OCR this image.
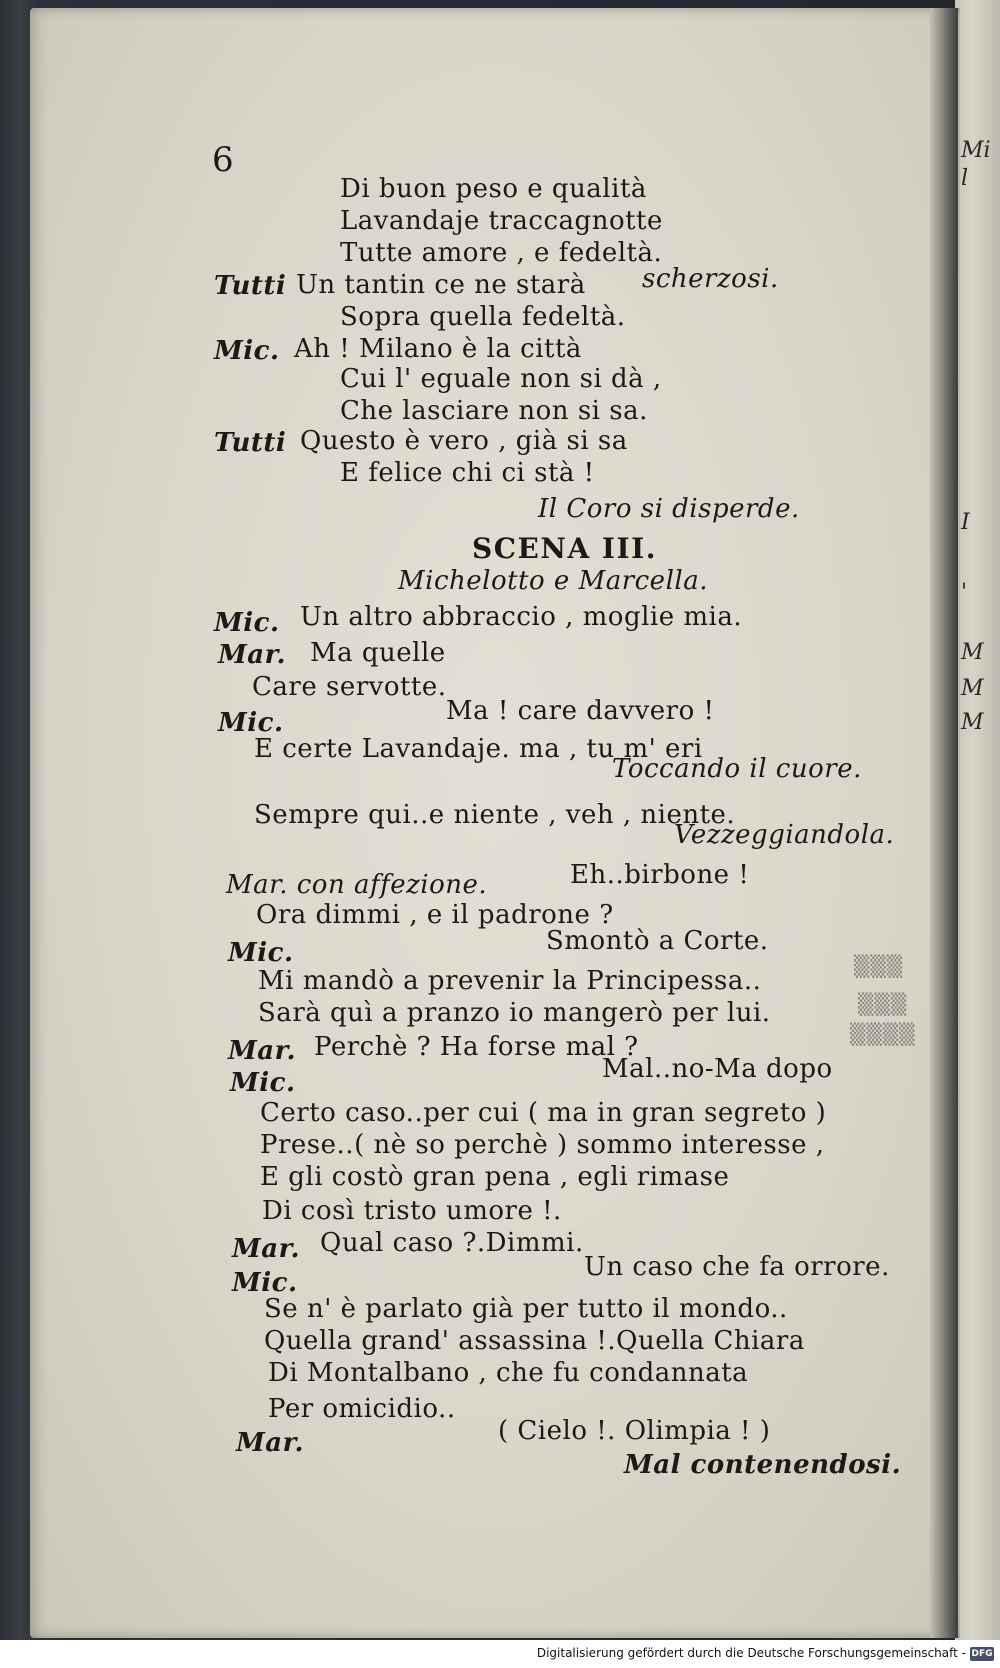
Mi
l
I
'
M
M
M
6
Di buon peso e qualità
Lavandaje traccagnotte
Tutte amore , e fedeltà.
Tutti Un tantin ce ne starà scherzosi.
Sopra quella fedeltà.
Mic. Ah ! Milano è la città
Cui l' eguale non si dà ,
Che lasciare non si sa.
Tutti Questo è vero , già si sa
E felice chi ci stà !
Il Coro si disperde.
SCENA III.
Michelotto e Marcella.
Mic. Un altro abbraccio , moglie mia.
Mar. Ma quelle
Care servotte.
Mic.	Ma ! care davvero !
E certe Lavandaje. ma , tu m' eri
Toccando il cuore.
Sempre qui..e niente , veh , niente.
Vezzeggiandola.
Mar. con affezione.	Eh..birbone !
Ora dimmi , e il padrone ?
Mic.	Smontò a Corte.
Mi mandò a prevenir la Principessa..
Sarà quì a pranzo io mangerò per lui.
Mar. Perchè ? Ha forse mal ?
Mic.	Mal..no-Ma dopo
Certo caso..per cui ( ma in gran segreto )
Prese..( nè so perchè ) sommo interesse ,
E gli costò gran pena , egli rimase
Di così tristo umore !.
Mar. Qual caso ?.Dimmi.
Mic.
Un caso che fa orrore.
Se n' è parlato già per tutto il mondo..
Quella grand' assassina !.Quella Chiara
Di Montalbano , che fu condannata
Per omicidio..
Mar.	( Cielo !. Olimpia ! )
Mal contenendosi.
▒▒▒
▒▒▒
▒▒▒▒
Digitalisierung gefördert durch die Deutsche Forschungsgemeinschaft - DFG
